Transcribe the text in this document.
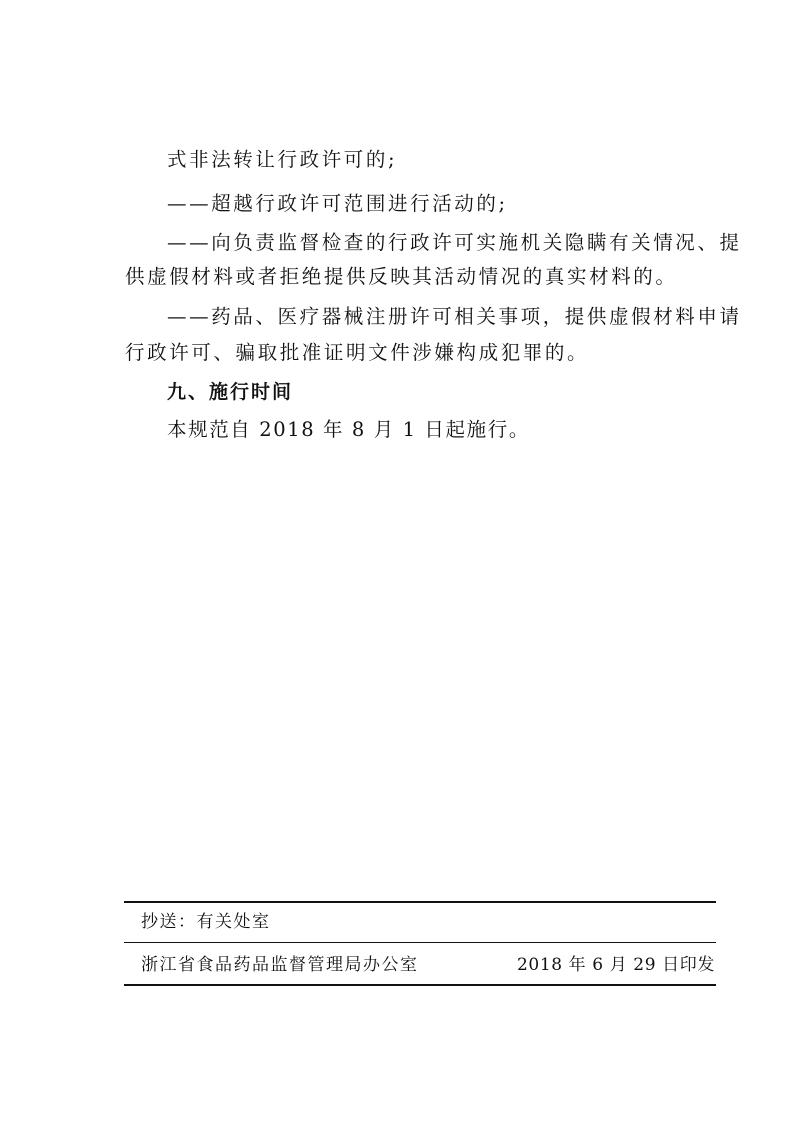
式非法转让行政许可的;
——超越行政许可范围进行活动的;
——向负责监督检查的行政许可实施机关隐瞒有关情况、提
供虚假材料或者拒绝提供反映其活动情况的真实材料的。
——药品、医疗器械注册许可相关事项，提供虚假材料申请
行政许可、骗取批准证明文件涉嫌构成犯罪的。
九、施行时间
本规范自 2018 年 8 月 1 日起施行。
抄送：有关处室
浙江省食品药品监督管理局办公室	2018 年 6 月 29 日印发
